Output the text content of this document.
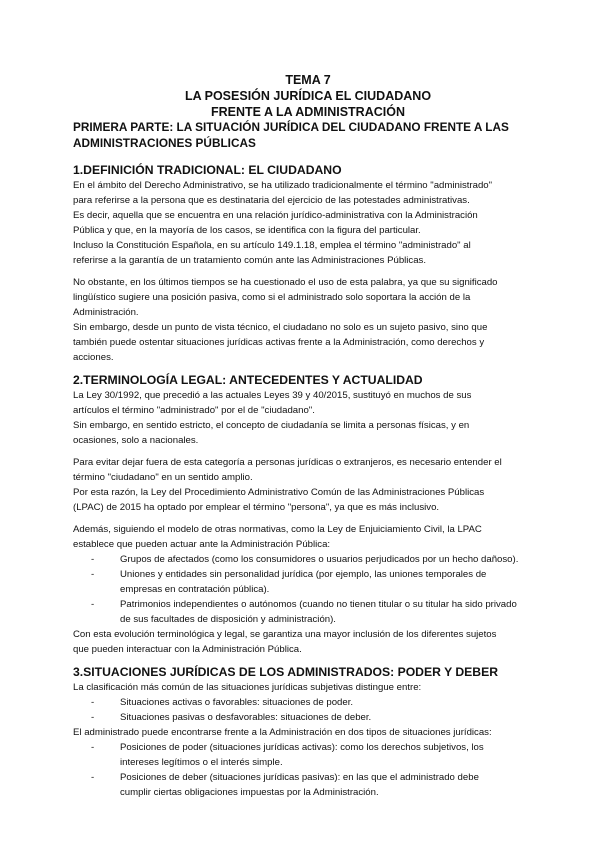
TEMA 7
LA POSESIÓN JURÍDICA EL CIUDADANO
FRENTE A LA ADMINISTRACIÓN
PRIMERA PARTE: LA SITUACIÓN JURÍDICA DEL CIUDADANO FRENTE A LAS
ADMINISTRACIONES PÚBLICAS
1.DEFINICIÓN TRADICIONAL: EL CIUDADANO
En el ámbito del Derecho Administrativo, se ha utilizado tradicionalmente el término "administrado"
para referirse a la persona que es destinataria del ejercicio de las potestades administrativas.
Es decir, aquella que se encuentra en una relación jurídico-administrativa con la Administración
Pública y que, en la mayoría de los casos, se identifica con la figura del particular.
Incluso la Constitución Española, en su artículo 149.1.18, emplea el término "administrado" al
referirse a la garantía de un tratamiento común ante las Administraciones Públicas.
No obstante, en los últimos tiempos se ha cuestionado el uso de esta palabra, ya que su significado
lingüístico sugiere una posición pasiva, como si el administrado solo soportara la acción de la
Administración.
Sin embargo, desde un punto de vista técnico, el ciudadano no solo es un sujeto pasivo, sino que
también puede ostentar situaciones jurídicas activas frente a la Administración, como derechos y
acciones.
2.TERMINOLOGÍA LEGAL: ANTECEDENTES Y ACTUALIDAD
La Ley 30/1992, que precedió a las actuales Leyes 39 y 40/2015, sustituyó en muchos de sus
artículos el término "administrado" por el de "ciudadano".
Sin embargo, en sentido estricto, el concepto de ciudadanía se limita a personas físicas, y en
ocasiones, solo a nacionales.
Para evitar dejar fuera de esta categoría a personas jurídicas o extranjeros, es necesario entender el
término "ciudadano" en un sentido amplio.
Por esta razón, la Ley del Procedimiento Administrativo Común de las Administraciones Públicas
(LPAC) de 2015 ha optado por emplear el término "persona", ya que es más inclusivo.
Además, siguiendo el modelo de otras normativas, como la Ley de Enjuiciamiento Civil, la LPAC
establece que pueden actuar ante la Administración Pública:
-	Grupos de afectados (como los consumidores o usuarios perjudicados por un hecho dañoso).
-	Uniones y entidades sin personalidad jurídica (por ejemplo, las uniones temporales de
empresas en contratación pública).
-	Patrimonios independientes o autónomos (cuando no tienen titular o su titular ha sido privado
de sus facultades de disposición y administración).
Con esta evolución terminológica y legal, se garantiza una mayor inclusión de los diferentes sujetos
que pueden interactuar con la Administración Pública.
3.SITUACIONES JURÍDICAS DE LOS ADMINISTRADOS: PODER Y DEBER
La clasificación más común de las situaciones jurídicas subjetivas distingue entre:
-	Situaciones activas o favorables: situaciones de poder.
-	Situaciones pasivas o desfavorables: situaciones de deber.
El administrado puede encontrarse frente a la Administración en dos tipos de situaciones jurídicas:
-	Posiciones de poder (situaciones jurídicas activas): como los derechos subjetivos, los
intereses legítimos o el interés simple.
-	Posiciones de deber (situaciones jurídicas pasivas): en las que el administrado debe
cumplir ciertas obligaciones impuestas por la Administración.
